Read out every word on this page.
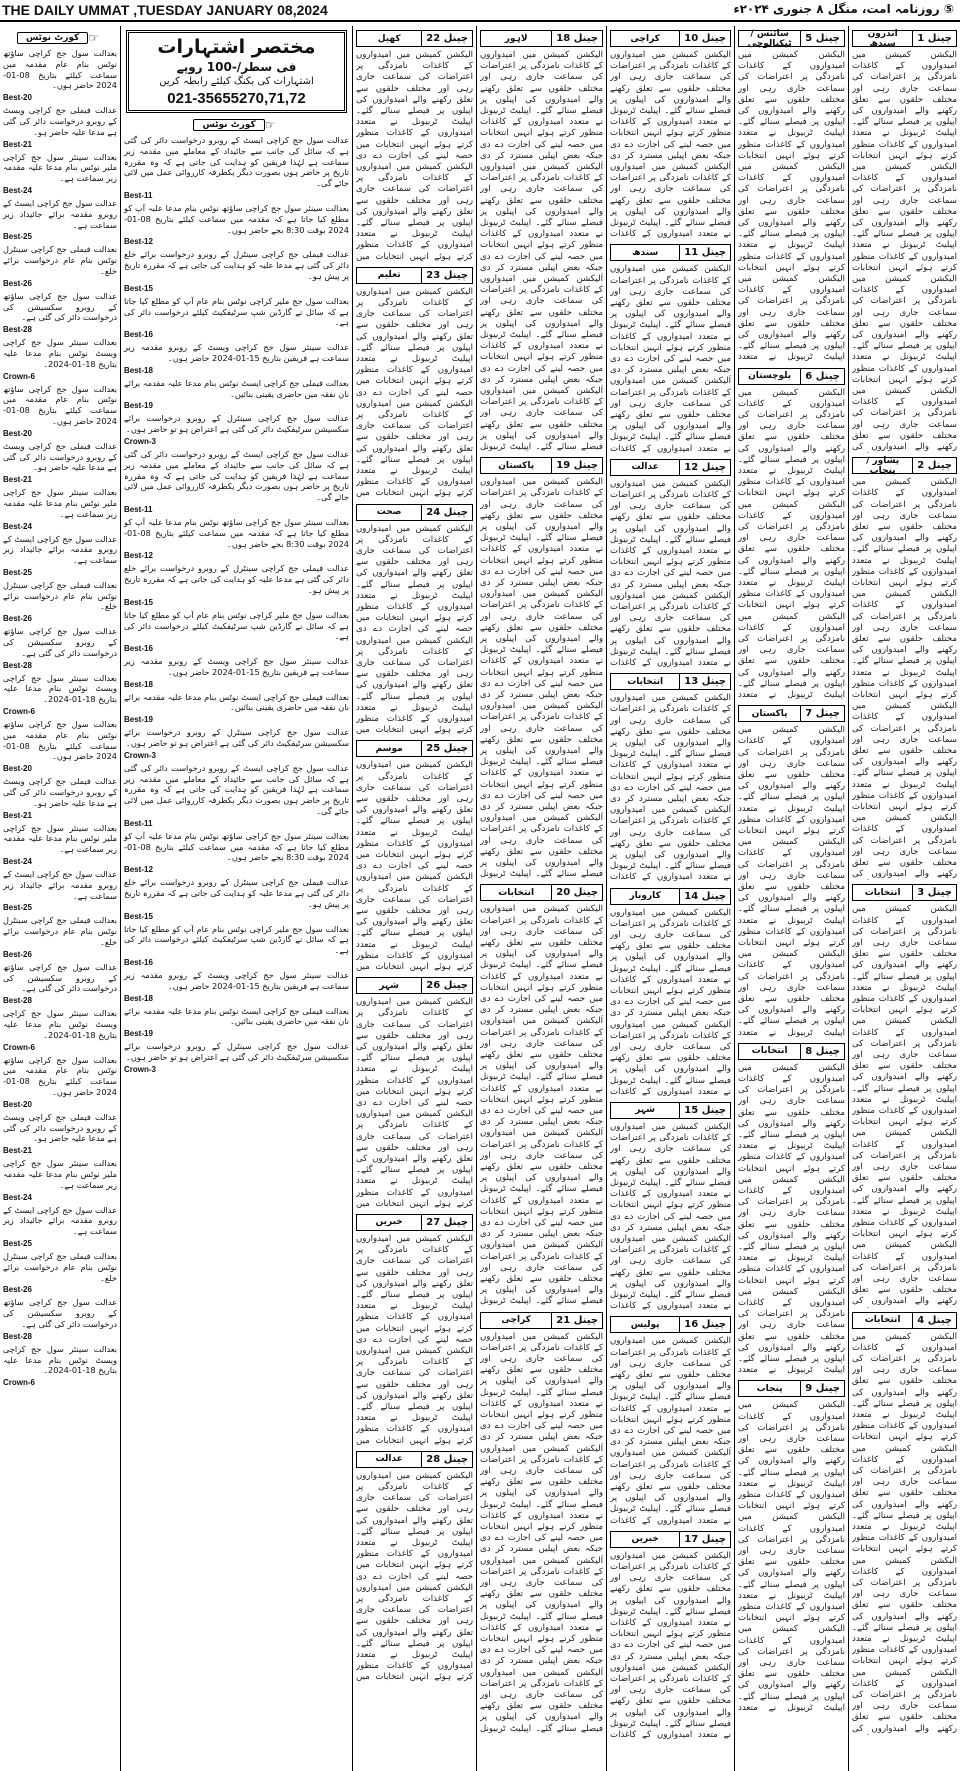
THE DAILY UMMAT ,TUESDAY JANUARY 08,2024	⑤ روزنامہ امت، منگل ۸ جنوری ۲۰۲۴ء
☞
کورٹ نوٹس
بعدالت سول جج کراچی ساؤتھ نوٹس بنام عام مقدمہ میں سماعت کیلئے بتاریخ 08-01-2024 حاضر ہوں۔
Best-20
عدالت فیملی جج کراچی ویسٹ کے روبرو درخواست دائر کی گئی ہے مدعا علیہ حاضر ہو۔
Best-21
بعدالت سینئر سول جج کراچی ملیر نوٹس بنام مدعا علیہ مقدمہ زیر سماعت ہے۔
Best-24
عدالت سول جج کراچی ایسٹ کے روبرو مقدمہ برائے جائیداد زیر سماعت ہے۔
Best-25
بعدالت فیملی جج کراچی سینٹرل نوٹس بنام عام درخواست برائے خلع۔
Best-26
عدالت سول جج کراچی ساؤتھ کے روبرو سکسیشن کی درخواست دائر کی گئی ہے۔
Best-28
بعدالت سینئر سول جج کراچی ویسٹ نوٹس بنام مدعا علیہ بتاریخ 18-01-2024۔
Crown-6
بعدالت سول جج کراچی ساؤتھ نوٹس بنام عام مقدمہ میں سماعت کیلئے بتاریخ 08-01-2024 حاضر ہوں۔
Best-20
عدالت فیملی جج کراچی ویسٹ کے روبرو درخواست دائر کی گئی ہے مدعا علیہ حاضر ہو۔
Best-21
بعدالت سینئر سول جج کراچی ملیر نوٹس بنام مدعا علیہ مقدمہ زیر سماعت ہے۔
Best-24
عدالت سول جج کراچی ایسٹ کے روبرو مقدمہ برائے جائیداد زیر سماعت ہے۔
Best-25
بعدالت فیملی جج کراچی سینٹرل نوٹس بنام عام درخواست برائے خلع۔
Best-26
عدالت سول جج کراچی ساؤتھ کے روبرو سکسیشن کی درخواست دائر کی گئی ہے۔
Best-28
بعدالت سینئر سول جج کراچی ویسٹ نوٹس بنام مدعا علیہ بتاریخ 18-01-2024۔
Crown-6
بعدالت سول جج کراچی ساؤتھ نوٹس بنام عام مقدمہ میں سماعت کیلئے بتاریخ 08-01-2024 حاضر ہوں۔
Best-20
عدالت فیملی جج کراچی ویسٹ کے روبرو درخواست دائر کی گئی ہے مدعا علیہ حاضر ہو۔
Best-21
بعدالت سینئر سول جج کراچی ملیر نوٹس بنام مدعا علیہ مقدمہ زیر سماعت ہے۔
Best-24
عدالت سول جج کراچی ایسٹ کے روبرو مقدمہ برائے جائیداد زیر سماعت ہے۔
Best-25
بعدالت فیملی جج کراچی سینٹرل نوٹس بنام عام درخواست برائے خلع۔
Best-26
عدالت سول جج کراچی ساؤتھ کے روبرو سکسیشن کی درخواست دائر کی گئی ہے۔
Best-28
بعدالت سینئر سول جج کراچی ویسٹ نوٹس بنام مدعا علیہ بتاریخ 18-01-2024۔
Crown-6
بعدالت سول جج کراچی ساؤتھ نوٹس بنام عام مقدمہ میں سماعت کیلئے بتاریخ 08-01-2024 حاضر ہوں۔
Best-20
عدالت فیملی جج کراچی ویسٹ کے روبرو درخواست دائر کی گئی ہے مدعا علیہ حاضر ہو۔
Best-21
بعدالت سینئر سول جج کراچی ملیر نوٹس بنام مدعا علیہ مقدمہ زیر سماعت ہے۔
Best-24
عدالت سول جج کراچی ایسٹ کے روبرو مقدمہ برائے جائیداد زیر سماعت ہے۔
Best-25
بعدالت فیملی جج کراچی سینٹرل نوٹس بنام عام درخواست برائے خلع۔
Best-26
عدالت سول جج کراچی ساؤتھ کے روبرو سکسیشن کی درخواست دائر کی گئی ہے۔
Best-28
بعدالت سینئر سول جج کراچی ویسٹ نوٹس بنام مدعا علیہ بتاریخ 18-01-2024۔
Crown-6
مختصر اشتہارات
فی سطر/-100 روپے
اشتہارات کی بکنگ کیلئے رابطہ کریں
021-35655270,71,72
☞
کورٹ نوٹس
عدالت سول جج کراچی ایسٹ کے روبرو درخواست دائر کی گئی ہے کہ سائل کی جانب سے جائیداد کے معاملے میں مقدمہ زیر سماعت ہے لہٰذا فریقین کو ہدایت کی جاتی ہے کہ وہ مقررہ تاریخ پر حاضر ہوں بصورت دیگر یکطرفہ کارروائی عمل میں لائی جائے گی۔
Best-11
بعدالت سینئر سول جج کراچی ساؤتھ نوٹس بنام مدعا علیہ آپ کو مطلع کیا جاتا ہے کہ مقدمہ میں سماعت کیلئے بتاریخ 08-01-2024 بوقت 8:30 بجے حاضر ہوں۔
Best-12
عدالت فیملی جج کراچی سینٹرل کے روبرو درخواست برائے خلع دائر کی گئی ہے مدعا علیہ کو ہدایت کی جاتی ہے کہ مقررہ تاریخ پر پیش ہو۔
Best-15
بعدالت سول جج ملیر کراچی نوٹس بنام عام آپ کو مطلع کیا جاتا ہے کہ سائل نے گارڈین شپ سرٹیفکیٹ کیلئے درخواست دائر کی ہے۔
Best-16
عدالت سینئر سول جج کراچی ویسٹ کے روبرو مقدمہ زیر سماعت ہے فریقین بتاریخ 15-01-2024 حاضر ہوں۔
Best-18
بعدالت فیملی جج کراچی ایسٹ نوٹس بنام مدعا علیہ مقدمہ برائے نان نفقہ میں حاضری یقینی بنائیں۔
Best-19
عدالت سول جج کراچی سینٹرل کے روبرو درخواست برائے سکسیشن سرٹیفکیٹ دائر کی گئی ہے اعتراض ہو تو حاضر ہوں۔
Crown-3
عدالت سول جج کراچی ایسٹ کے روبرو درخواست دائر کی گئی ہے کہ سائل کی جانب سے جائیداد کے معاملے میں مقدمہ زیر سماعت ہے لہٰذا فریقین کو ہدایت کی جاتی ہے کہ وہ مقررہ تاریخ پر حاضر ہوں بصورت دیگر یکطرفہ کارروائی عمل میں لائی جائے گی۔
Best-11
بعدالت سینئر سول جج کراچی ساؤتھ نوٹس بنام مدعا علیہ آپ کو مطلع کیا جاتا ہے کہ مقدمہ میں سماعت کیلئے بتاریخ 08-01-2024 بوقت 8:30 بجے حاضر ہوں۔
Best-12
عدالت فیملی جج کراچی سینٹرل کے روبرو درخواست برائے خلع دائر کی گئی ہے مدعا علیہ کو ہدایت کی جاتی ہے کہ مقررہ تاریخ پر پیش ہو۔
Best-15
بعدالت سول جج ملیر کراچی نوٹس بنام عام آپ کو مطلع کیا جاتا ہے کہ سائل نے گارڈین شپ سرٹیفکیٹ کیلئے درخواست دائر کی ہے۔
Best-16
عدالت سینئر سول جج کراچی ویسٹ کے روبرو مقدمہ زیر سماعت ہے فریقین بتاریخ 15-01-2024 حاضر ہوں۔
Best-18
بعدالت فیملی جج کراچی ایسٹ نوٹس بنام مدعا علیہ مقدمہ برائے نان نفقہ میں حاضری یقینی بنائیں۔
Best-19
عدالت سول جج کراچی سینٹرل کے روبرو درخواست برائے سکسیشن سرٹیفکیٹ دائر کی گئی ہے اعتراض ہو تو حاضر ہوں۔
Crown-3
عدالت سول جج کراچی ایسٹ کے روبرو درخواست دائر کی گئی ہے کہ سائل کی جانب سے جائیداد کے معاملے میں مقدمہ زیر سماعت ہے لہٰذا فریقین کو ہدایت کی جاتی ہے کہ وہ مقررہ تاریخ پر حاضر ہوں بصورت دیگر یکطرفہ کارروائی عمل میں لائی جائے گی۔
Best-11
بعدالت سینئر سول جج کراچی ساؤتھ نوٹس بنام مدعا علیہ آپ کو مطلع کیا جاتا ہے کہ مقدمہ میں سماعت کیلئے بتاریخ 08-01-2024 بوقت 8:30 بجے حاضر ہوں۔
Best-12
عدالت فیملی جج کراچی سینٹرل کے روبرو درخواست برائے خلع دائر کی گئی ہے مدعا علیہ کو ہدایت کی جاتی ہے کہ مقررہ تاریخ پر پیش ہو۔
Best-15
بعدالت سول جج ملیر کراچی نوٹس بنام عام آپ کو مطلع کیا جاتا ہے کہ سائل نے گارڈین شپ سرٹیفکیٹ کیلئے درخواست دائر کی ہے۔
Best-16
عدالت سینئر سول جج کراچی ویسٹ کے روبرو مقدمہ زیر سماعت ہے فریقین بتاریخ 15-01-2024 حاضر ہوں۔
Best-18
بعدالت فیملی جج کراچی ایسٹ نوٹس بنام مدعا علیہ مقدمہ برائے نان نفقہ میں حاضری یقینی بنائیں۔
Best-19
عدالت سول جج کراچی سینٹرل کے روبرو درخواست برائے سکسیشن سرٹیفکیٹ دائر کی گئی ہے اعتراض ہو تو حاضر ہوں۔
Crown-3
چینل 22
کھیل
الیکشن کمیشن میں امیدواروں کے کاغذات نامزدگی پر اعتراضات کی سماعت جاری رہی اور مختلف حلقوں سے تعلق رکھنے والے امیدواروں کی اپیلوں پر فیصلے سنائے گئے۔ اپیلیٹ ٹربیونل نے متعدد امیدواروں کے کاغذات منظور کرتے ہوئے انہیں انتخابات میں حصہ لینے کی اجازت دے دی
الیکشن کمیشن میں امیدواروں کے کاغذات نامزدگی پر اعتراضات کی سماعت جاری رہی اور مختلف حلقوں سے تعلق رکھنے والے امیدواروں کی اپیلوں پر فیصلے سنائے گئے۔ اپیلیٹ ٹربیونل نے متعدد امیدواروں کے کاغذات منظور کرتے ہوئے انہیں انتخابات میں
چینل 23
تعلیم
الیکشن کمیشن میں امیدواروں کے کاغذات نامزدگی پر اعتراضات کی سماعت جاری رہی اور مختلف حلقوں سے تعلق رکھنے والے امیدواروں کی اپیلوں پر فیصلے سنائے گئے۔ اپیلیٹ ٹربیونل نے متعدد امیدواروں کے کاغذات منظور کرتے ہوئے انہیں انتخابات میں حصہ لینے کی اجازت دے دی
الیکشن کمیشن میں امیدواروں کے کاغذات نامزدگی پر اعتراضات کی سماعت جاری رہی اور مختلف حلقوں سے تعلق رکھنے والے امیدواروں کی اپیلوں پر فیصلے سنائے گئے۔ اپیلیٹ ٹربیونل نے متعدد امیدواروں کے کاغذات منظور کرتے ہوئے انہیں انتخابات میں
چینل 24
صحت
الیکشن کمیشن میں امیدواروں کے کاغذات نامزدگی پر اعتراضات کی سماعت جاری رہی اور مختلف حلقوں سے تعلق رکھنے والے امیدواروں کی اپیلوں پر فیصلے سنائے گئے۔ اپیلیٹ ٹربیونل نے متعدد امیدواروں کے کاغذات منظور کرتے ہوئے انہیں انتخابات میں حصہ لینے کی اجازت دے دی
الیکشن کمیشن میں امیدواروں کے کاغذات نامزدگی پر اعتراضات کی سماعت جاری رہی اور مختلف حلقوں سے تعلق رکھنے والے امیدواروں کی اپیلوں پر فیصلے سنائے گئے۔ اپیلیٹ ٹربیونل نے متعدد امیدواروں کے کاغذات منظور کرتے ہوئے انہیں انتخابات میں
چینل 25
موسم
الیکشن کمیشن میں امیدواروں کے کاغذات نامزدگی پر اعتراضات کی سماعت جاری رہی اور مختلف حلقوں سے تعلق رکھنے والے امیدواروں کی اپیلوں پر فیصلے سنائے گئے۔ اپیلیٹ ٹربیونل نے متعدد امیدواروں کے کاغذات منظور کرتے ہوئے انہیں انتخابات میں حصہ لینے کی اجازت دے دی
الیکشن کمیشن میں امیدواروں کے کاغذات نامزدگی پر اعتراضات کی سماعت جاری رہی اور مختلف حلقوں سے تعلق رکھنے والے امیدواروں کی اپیلوں پر فیصلے سنائے گئے۔ اپیلیٹ ٹربیونل نے متعدد امیدواروں کے کاغذات منظور کرتے ہوئے انہیں انتخابات میں
چینل 26
شہر
الیکشن کمیشن میں امیدواروں کے کاغذات نامزدگی پر اعتراضات کی سماعت جاری رہی اور مختلف حلقوں سے تعلق رکھنے والے امیدواروں کی اپیلوں پر فیصلے سنائے گئے۔ اپیلیٹ ٹربیونل نے متعدد امیدواروں کے کاغذات منظور کرتے ہوئے انہیں انتخابات میں حصہ لینے کی اجازت دے دی
الیکشن کمیشن میں امیدواروں کے کاغذات نامزدگی پر اعتراضات کی سماعت جاری رہی اور مختلف حلقوں سے تعلق رکھنے والے امیدواروں کی اپیلوں پر فیصلے سنائے گئے۔ اپیلیٹ ٹربیونل نے متعدد امیدواروں کے کاغذات منظور کرتے ہوئے انہیں انتخابات میں
چینل 27
خبریں
الیکشن کمیشن میں امیدواروں کے کاغذات نامزدگی پر اعتراضات کی سماعت جاری رہی اور مختلف حلقوں سے تعلق رکھنے والے امیدواروں کی اپیلوں پر فیصلے سنائے گئے۔ اپیلیٹ ٹربیونل نے متعدد امیدواروں کے کاغذات منظور کرتے ہوئے انہیں انتخابات میں حصہ لینے کی اجازت دے دی
الیکشن کمیشن میں امیدواروں کے کاغذات نامزدگی پر اعتراضات کی سماعت جاری رہی اور مختلف حلقوں سے تعلق رکھنے والے امیدواروں کی اپیلوں پر فیصلے سنائے گئے۔ اپیلیٹ ٹربیونل نے متعدد امیدواروں کے کاغذات منظور کرتے ہوئے انہیں انتخابات میں
چینل 28
عدالت
الیکشن کمیشن میں امیدواروں کے کاغذات نامزدگی پر اعتراضات کی سماعت جاری رہی اور مختلف حلقوں سے تعلق رکھنے والے امیدواروں کی اپیلوں پر فیصلے سنائے گئے۔ اپیلیٹ ٹربیونل نے متعدد امیدواروں کے کاغذات منظور کرتے ہوئے انہیں انتخابات میں حصہ لینے کی اجازت دے دی
الیکشن کمیشن میں امیدواروں کے کاغذات نامزدگی پر اعتراضات کی سماعت جاری رہی اور مختلف حلقوں سے تعلق رکھنے والے امیدواروں کی اپیلوں پر فیصلے سنائے گئے۔ اپیلیٹ ٹربیونل نے متعدد امیدواروں کے کاغذات منظور کرتے ہوئے انہیں انتخابات میں
چینل 18
لاہور
الیکشن کمیشن میں امیدواروں کے کاغذات نامزدگی پر اعتراضات کی سماعت جاری رہی اور مختلف حلقوں سے تعلق رکھنے والے امیدواروں کی اپیلوں پر فیصلے سنائے گئے۔ اپیلیٹ ٹربیونل نے متعدد امیدواروں کے کاغذات منظور کرتے ہوئے انہیں انتخابات میں حصہ لینے کی اجازت دے دی جبکہ بعض اپیلیں مسترد کر دی
الیکشن کمیشن میں امیدواروں کے کاغذات نامزدگی پر اعتراضات کی سماعت جاری رہی اور مختلف حلقوں سے تعلق رکھنے والے امیدواروں کی اپیلوں پر فیصلے سنائے گئے۔ اپیلیٹ ٹربیونل نے متعدد امیدواروں کے کاغذات منظور کرتے ہوئے انہیں انتخابات میں حصہ لینے کی اجازت دے دی جبکہ بعض اپیلیں مسترد کر دی
الیکشن کمیشن میں امیدواروں کے کاغذات نامزدگی پر اعتراضات کی سماعت جاری رہی اور مختلف حلقوں سے تعلق رکھنے والے امیدواروں کی اپیلوں پر فیصلے سنائے گئے۔ اپیلیٹ ٹربیونل نے متعدد امیدواروں کے کاغذات منظور کرتے ہوئے انہیں انتخابات میں حصہ لینے کی اجازت دے دی جبکہ بعض اپیلیں مسترد کر دی
الیکشن کمیشن میں امیدواروں کے کاغذات نامزدگی پر اعتراضات کی سماعت جاری رہی اور مختلف حلقوں سے تعلق رکھنے والے امیدواروں کی اپیلوں پر فیصلے سنائے گئے۔ اپیلیٹ ٹربیونل
چینل 19
پاکستان
الیکشن کمیشن میں امیدواروں کے کاغذات نامزدگی پر اعتراضات کی سماعت جاری رہی اور مختلف حلقوں سے تعلق رکھنے والے امیدواروں کی اپیلوں پر فیصلے سنائے گئے۔ اپیلیٹ ٹربیونل نے متعدد امیدواروں کے کاغذات منظور کرتے ہوئے انہیں انتخابات میں حصہ لینے کی اجازت دے دی جبکہ بعض اپیلیں مسترد کر دی
الیکشن کمیشن میں امیدواروں کے کاغذات نامزدگی پر اعتراضات کی سماعت جاری رہی اور مختلف حلقوں سے تعلق رکھنے والے امیدواروں کی اپیلوں پر فیصلے سنائے گئے۔ اپیلیٹ ٹربیونل نے متعدد امیدواروں کے کاغذات منظور کرتے ہوئے انہیں انتخابات میں حصہ لینے کی اجازت دے دی جبکہ بعض اپیلیں مسترد کر دی
الیکشن کمیشن میں امیدواروں کے کاغذات نامزدگی پر اعتراضات کی سماعت جاری رہی اور مختلف حلقوں سے تعلق رکھنے والے امیدواروں کی اپیلوں پر فیصلے سنائے گئے۔ اپیلیٹ ٹربیونل نے متعدد امیدواروں کے کاغذات منظور کرتے ہوئے انہیں انتخابات میں حصہ لینے کی اجازت دے دی جبکہ بعض اپیلیں مسترد کر دی
الیکشن کمیشن میں امیدواروں کے کاغذات نامزدگی پر اعتراضات کی سماعت جاری رہی اور مختلف حلقوں سے تعلق رکھنے والے امیدواروں کی اپیلوں پر فیصلے سنائے گئے۔ اپیلیٹ ٹربیونل
چینل 20
انتخابات
الیکشن کمیشن میں امیدواروں کے کاغذات نامزدگی پر اعتراضات کی سماعت جاری رہی اور مختلف حلقوں سے تعلق رکھنے والے امیدواروں کی اپیلوں پر فیصلے سنائے گئے۔ اپیلیٹ ٹربیونل نے متعدد امیدواروں کے کاغذات منظور کرتے ہوئے انہیں انتخابات میں حصہ لینے کی اجازت دے دی جبکہ بعض اپیلیں مسترد کر دی
الیکشن کمیشن میں امیدواروں کے کاغذات نامزدگی پر اعتراضات کی سماعت جاری رہی اور مختلف حلقوں سے تعلق رکھنے والے امیدواروں کی اپیلوں پر فیصلے سنائے گئے۔ اپیلیٹ ٹربیونل نے متعدد امیدواروں کے کاغذات منظور کرتے ہوئے انہیں انتخابات میں حصہ لینے کی اجازت دے دی جبکہ بعض اپیلیں مسترد کر دی
الیکشن کمیشن میں امیدواروں کے کاغذات نامزدگی پر اعتراضات کی سماعت جاری رہی اور مختلف حلقوں سے تعلق رکھنے والے امیدواروں کی اپیلوں پر فیصلے سنائے گئے۔ اپیلیٹ ٹربیونل نے متعدد امیدواروں کے کاغذات منظور کرتے ہوئے انہیں انتخابات میں حصہ لینے کی اجازت دے دی جبکہ بعض اپیلیں مسترد کر دی
الیکشن کمیشن میں امیدواروں کے کاغذات نامزدگی پر اعتراضات کی سماعت جاری رہی اور مختلف حلقوں سے تعلق رکھنے والے امیدواروں کی اپیلوں پر فیصلے سنائے گئے۔ اپیلیٹ ٹربیونل
چینل 21
کراچی
الیکشن کمیشن میں امیدواروں کے کاغذات نامزدگی پر اعتراضات کی سماعت جاری رہی اور مختلف حلقوں سے تعلق رکھنے والے امیدواروں کی اپیلوں پر فیصلے سنائے گئے۔ اپیلیٹ ٹربیونل نے متعدد امیدواروں کے کاغذات منظور کرتے ہوئے انہیں انتخابات میں حصہ لینے کی اجازت دے دی جبکہ بعض اپیلیں مسترد کر دی
الیکشن کمیشن میں امیدواروں کے کاغذات نامزدگی پر اعتراضات کی سماعت جاری رہی اور مختلف حلقوں سے تعلق رکھنے والے امیدواروں کی اپیلوں پر فیصلے سنائے گئے۔ اپیلیٹ ٹربیونل نے متعدد امیدواروں کے کاغذات منظور کرتے ہوئے انہیں انتخابات میں حصہ لینے کی اجازت دے دی جبکہ بعض اپیلیں مسترد کر دی
الیکشن کمیشن میں امیدواروں کے کاغذات نامزدگی پر اعتراضات کی سماعت جاری رہی اور مختلف حلقوں سے تعلق رکھنے والے امیدواروں کی اپیلوں پر فیصلے سنائے گئے۔ اپیلیٹ ٹربیونل نے متعدد امیدواروں کے کاغذات منظور کرتے ہوئے انہیں انتخابات میں حصہ لینے کی اجازت دے دی جبکہ بعض اپیلیں مسترد کر دی
الیکشن کمیشن میں امیدواروں کے کاغذات نامزدگی پر اعتراضات کی سماعت جاری رہی اور مختلف حلقوں سے تعلق رکھنے والے امیدواروں کی اپیلوں پر فیصلے سنائے گئے۔ اپیلیٹ ٹربیونل
چینل 10
کراچی
الیکشن کمیشن میں امیدواروں کے کاغذات نامزدگی پر اعتراضات کی سماعت جاری رہی اور مختلف حلقوں سے تعلق رکھنے والے امیدواروں کی اپیلوں پر فیصلے سنائے گئے۔ اپیلیٹ ٹربیونل نے متعدد امیدواروں کے کاغذات منظور کرتے ہوئے انہیں انتخابات میں حصہ لینے کی اجازت دے دی جبکہ بعض اپیلیں مسترد کر دی
الیکشن کمیشن میں امیدواروں کے کاغذات نامزدگی پر اعتراضات کی سماعت جاری رہی اور مختلف حلقوں سے تعلق رکھنے والے امیدواروں کی اپیلوں پر فیصلے سنائے گئے۔ اپیلیٹ ٹربیونل نے متعدد امیدواروں کے کاغذات
چینل 11
سندھ
الیکشن کمیشن میں امیدواروں کے کاغذات نامزدگی پر اعتراضات کی سماعت جاری رہی اور مختلف حلقوں سے تعلق رکھنے والے امیدواروں کی اپیلوں پر فیصلے سنائے گئے۔ اپیلیٹ ٹربیونل نے متعدد امیدواروں کے کاغذات منظور کرتے ہوئے انہیں انتخابات میں حصہ لینے کی اجازت دے دی جبکہ بعض اپیلیں مسترد کر دی
الیکشن کمیشن میں امیدواروں کے کاغذات نامزدگی پر اعتراضات کی سماعت جاری رہی اور مختلف حلقوں سے تعلق رکھنے والے امیدواروں کی اپیلوں پر فیصلے سنائے گئے۔ اپیلیٹ ٹربیونل نے متعدد امیدواروں کے کاغذات
چینل 12
عدالت
الیکشن کمیشن میں امیدواروں کے کاغذات نامزدگی پر اعتراضات کی سماعت جاری رہی اور مختلف حلقوں سے تعلق رکھنے والے امیدواروں کی اپیلوں پر فیصلے سنائے گئے۔ اپیلیٹ ٹربیونل نے متعدد امیدواروں کے کاغذات منظور کرتے ہوئے انہیں انتخابات میں حصہ لینے کی اجازت دے دی جبکہ بعض اپیلیں مسترد کر دی
الیکشن کمیشن میں امیدواروں کے کاغذات نامزدگی پر اعتراضات کی سماعت جاری رہی اور مختلف حلقوں سے تعلق رکھنے والے امیدواروں کی اپیلوں پر فیصلے سنائے گئے۔ اپیلیٹ ٹربیونل نے متعدد امیدواروں کے کاغذات
چینل 13
انتخابات
الیکشن کمیشن میں امیدواروں کے کاغذات نامزدگی پر اعتراضات کی سماعت جاری رہی اور مختلف حلقوں سے تعلق رکھنے والے امیدواروں کی اپیلوں پر فیصلے سنائے گئے۔ اپیلیٹ ٹربیونل نے متعدد امیدواروں کے کاغذات منظور کرتے ہوئے انہیں انتخابات میں حصہ لینے کی اجازت دے دی جبکہ بعض اپیلیں مسترد کر دی
الیکشن کمیشن میں امیدواروں کے کاغذات نامزدگی پر اعتراضات کی سماعت جاری رہی اور مختلف حلقوں سے تعلق رکھنے والے امیدواروں کی اپیلوں پر فیصلے سنائے گئے۔ اپیلیٹ ٹربیونل نے متعدد امیدواروں کے کاغذات
چینل 14
کاروبار
الیکشن کمیشن میں امیدواروں کے کاغذات نامزدگی پر اعتراضات کی سماعت جاری رہی اور مختلف حلقوں سے تعلق رکھنے والے امیدواروں کی اپیلوں پر فیصلے سنائے گئے۔ اپیلیٹ ٹربیونل نے متعدد امیدواروں کے کاغذات منظور کرتے ہوئے انہیں انتخابات میں حصہ لینے کی اجازت دے دی جبکہ بعض اپیلیں مسترد کر دی
الیکشن کمیشن میں امیدواروں کے کاغذات نامزدگی پر اعتراضات کی سماعت جاری رہی اور مختلف حلقوں سے تعلق رکھنے والے امیدواروں کی اپیلوں پر فیصلے سنائے گئے۔ اپیلیٹ ٹربیونل نے متعدد امیدواروں کے کاغذات
چینل 15
شہر
الیکشن کمیشن میں امیدواروں کے کاغذات نامزدگی پر اعتراضات کی سماعت جاری رہی اور مختلف حلقوں سے تعلق رکھنے والے امیدواروں کی اپیلوں پر فیصلے سنائے گئے۔ اپیلیٹ ٹربیونل نے متعدد امیدواروں کے کاغذات منظور کرتے ہوئے انہیں انتخابات میں حصہ لینے کی اجازت دے دی جبکہ بعض اپیلیں مسترد کر دی
الیکشن کمیشن میں امیدواروں کے کاغذات نامزدگی پر اعتراضات کی سماعت جاری رہی اور مختلف حلقوں سے تعلق رکھنے والے امیدواروں کی اپیلوں پر فیصلے سنائے گئے۔ اپیلیٹ ٹربیونل نے متعدد امیدواروں کے کاغذات
چینل 16
پولیس
الیکشن کمیشن میں امیدواروں کے کاغذات نامزدگی پر اعتراضات کی سماعت جاری رہی اور مختلف حلقوں سے تعلق رکھنے والے امیدواروں کی اپیلوں پر فیصلے سنائے گئے۔ اپیلیٹ ٹربیونل نے متعدد امیدواروں کے کاغذات منظور کرتے ہوئے انہیں انتخابات میں حصہ لینے کی اجازت دے دی جبکہ بعض اپیلیں مسترد کر دی
الیکشن کمیشن میں امیدواروں کے کاغذات نامزدگی پر اعتراضات کی سماعت جاری رہی اور مختلف حلقوں سے تعلق رکھنے والے امیدواروں کی اپیلوں پر فیصلے سنائے گئے۔ اپیلیٹ ٹربیونل نے متعدد امیدواروں کے کاغذات
چینل 17
خبریں
الیکشن کمیشن میں امیدواروں کے کاغذات نامزدگی پر اعتراضات کی سماعت جاری رہی اور مختلف حلقوں سے تعلق رکھنے والے امیدواروں کی اپیلوں پر فیصلے سنائے گئے۔ اپیلیٹ ٹربیونل نے متعدد امیدواروں کے کاغذات منظور کرتے ہوئے انہیں انتخابات میں حصہ لینے کی اجازت دے دی جبکہ بعض اپیلیں مسترد کر دی
الیکشن کمیشن میں امیدواروں کے کاغذات نامزدگی پر اعتراضات کی سماعت جاری رہی اور مختلف حلقوں سے تعلق رکھنے والے امیدواروں کی اپیلوں پر فیصلے سنائے گئے۔ اپیلیٹ ٹربیونل نے متعدد امیدواروں کے کاغذات
چینل 5
سائنس / ٹیکنالوجی
الیکشن کمیشن میں امیدواروں کے کاغذات نامزدگی پر اعتراضات کی سماعت جاری رہی اور مختلف حلقوں سے تعلق رکھنے والے امیدواروں کی اپیلوں پر فیصلے سنائے گئے۔ اپیلیٹ ٹربیونل نے متعدد امیدواروں کے کاغذات منظور کرتے ہوئے انہیں انتخابات
الیکشن کمیشن میں امیدواروں کے کاغذات نامزدگی پر اعتراضات کی سماعت جاری رہی اور مختلف حلقوں سے تعلق رکھنے والے امیدواروں کی اپیلوں پر فیصلے سنائے گئے۔ اپیلیٹ ٹربیونل نے متعدد امیدواروں کے کاغذات منظور کرتے ہوئے انہیں انتخابات
الیکشن کمیشن میں امیدواروں کے کاغذات نامزدگی پر اعتراضات کی سماعت جاری رہی اور مختلف حلقوں سے تعلق رکھنے والے امیدواروں کی اپیلوں پر فیصلے سنائے گئے۔ اپیلیٹ ٹربیونل نے متعدد
چینل 6
بلوچستان
الیکشن کمیشن میں امیدواروں کے کاغذات نامزدگی پر اعتراضات کی سماعت جاری رہی اور مختلف حلقوں سے تعلق رکھنے والے امیدواروں کی اپیلوں پر فیصلے سنائے گئے۔ اپیلیٹ ٹربیونل نے متعدد امیدواروں کے کاغذات منظور کرتے ہوئے انہیں انتخابات
الیکشن کمیشن میں امیدواروں کے کاغذات نامزدگی پر اعتراضات کی سماعت جاری رہی اور مختلف حلقوں سے تعلق رکھنے والے امیدواروں کی اپیلوں پر فیصلے سنائے گئے۔ اپیلیٹ ٹربیونل نے متعدد امیدواروں کے کاغذات منظور کرتے ہوئے انہیں انتخابات
الیکشن کمیشن میں امیدواروں کے کاغذات نامزدگی پر اعتراضات کی سماعت جاری رہی اور مختلف حلقوں سے تعلق رکھنے والے امیدواروں کی اپیلوں پر فیصلے سنائے گئے۔ اپیلیٹ ٹربیونل نے متعدد
چینل 7
پاکستان
الیکشن کمیشن میں امیدواروں کے کاغذات نامزدگی پر اعتراضات کی سماعت جاری رہی اور مختلف حلقوں سے تعلق رکھنے والے امیدواروں کی اپیلوں پر فیصلے سنائے گئے۔ اپیلیٹ ٹربیونل نے متعدد امیدواروں کے کاغذات منظور کرتے ہوئے انہیں انتخابات
الیکشن کمیشن میں امیدواروں کے کاغذات نامزدگی پر اعتراضات کی سماعت جاری رہی اور مختلف حلقوں سے تعلق رکھنے والے امیدواروں کی اپیلوں پر فیصلے سنائے گئے۔ اپیلیٹ ٹربیونل نے متعدد امیدواروں کے کاغذات منظور کرتے ہوئے انہیں انتخابات
الیکشن کمیشن میں امیدواروں کے کاغذات نامزدگی پر اعتراضات کی سماعت جاری رہی اور مختلف حلقوں سے تعلق رکھنے والے امیدواروں کی اپیلوں پر فیصلے سنائے گئے۔ اپیلیٹ ٹربیونل نے متعدد
چینل 8
انتخابات
الیکشن کمیشن میں امیدواروں کے کاغذات نامزدگی پر اعتراضات کی سماعت جاری رہی اور مختلف حلقوں سے تعلق رکھنے والے امیدواروں کی اپیلوں پر فیصلے سنائے گئے۔ اپیلیٹ ٹربیونل نے متعدد امیدواروں کے کاغذات منظور کرتے ہوئے انہیں انتخابات
الیکشن کمیشن میں امیدواروں کے کاغذات نامزدگی پر اعتراضات کی سماعت جاری رہی اور مختلف حلقوں سے تعلق رکھنے والے امیدواروں کی اپیلوں پر فیصلے سنائے گئے۔ اپیلیٹ ٹربیونل نے متعدد امیدواروں کے کاغذات منظور کرتے ہوئے انہیں انتخابات
الیکشن کمیشن میں امیدواروں کے کاغذات نامزدگی پر اعتراضات کی سماعت جاری رہی اور مختلف حلقوں سے تعلق رکھنے والے امیدواروں کی اپیلوں پر فیصلے سنائے گئے۔ اپیلیٹ ٹربیونل نے متعدد
چینل 9
پنجاب
الیکشن کمیشن میں امیدواروں کے کاغذات نامزدگی پر اعتراضات کی سماعت جاری رہی اور مختلف حلقوں سے تعلق رکھنے والے امیدواروں کی اپیلوں پر فیصلے سنائے گئے۔ اپیلیٹ ٹربیونل نے متعدد امیدواروں کے کاغذات منظور کرتے ہوئے انہیں انتخابات
الیکشن کمیشن میں امیدواروں کے کاغذات نامزدگی پر اعتراضات کی سماعت جاری رہی اور مختلف حلقوں سے تعلق رکھنے والے امیدواروں کی اپیلوں پر فیصلے سنائے گئے۔ اپیلیٹ ٹربیونل نے متعدد امیدواروں کے کاغذات منظور کرتے ہوئے انہیں انتخابات
الیکشن کمیشن میں امیدواروں کے کاغذات نامزدگی پر اعتراضات کی سماعت جاری رہی اور مختلف حلقوں سے تعلق رکھنے والے امیدواروں کی اپیلوں پر فیصلے سنائے گئے۔ اپیلیٹ ٹربیونل نے متعدد
چینل 1
اندرون سندھ
الیکشن کمیشن میں امیدواروں کے کاغذات نامزدگی پر اعتراضات کی سماعت جاری رہی اور مختلف حلقوں سے تعلق رکھنے والے امیدواروں کی اپیلوں پر فیصلے سنائے گئے۔ اپیلیٹ ٹربیونل نے متعدد امیدواروں کے کاغذات منظور کرتے ہوئے انہیں انتخابات
الیکشن کمیشن میں امیدواروں کے کاغذات نامزدگی پر اعتراضات کی سماعت جاری رہی اور مختلف حلقوں سے تعلق رکھنے والے امیدواروں کی اپیلوں پر فیصلے سنائے گئے۔ اپیلیٹ ٹربیونل نے متعدد امیدواروں کے کاغذات منظور کرتے ہوئے انہیں انتخابات
الیکشن کمیشن میں امیدواروں کے کاغذات نامزدگی پر اعتراضات کی سماعت جاری رہی اور مختلف حلقوں سے تعلق رکھنے والے امیدواروں کی اپیلوں پر فیصلے سنائے گئے۔ اپیلیٹ ٹربیونل نے متعدد امیدواروں کے کاغذات منظور کرتے ہوئے انہیں انتخابات
الیکشن کمیشن میں امیدواروں کے کاغذات نامزدگی پر اعتراضات کی سماعت جاری رہی اور مختلف حلقوں سے تعلق رکھنے والے امیدواروں کی
چینل 2
پشاور / پنجاب
الیکشن کمیشن میں امیدواروں کے کاغذات نامزدگی پر اعتراضات کی سماعت جاری رہی اور مختلف حلقوں سے تعلق رکھنے والے امیدواروں کی اپیلوں پر فیصلے سنائے گئے۔ اپیلیٹ ٹربیونل نے متعدد امیدواروں کے کاغذات منظور کرتے ہوئے انہیں انتخابات
الیکشن کمیشن میں امیدواروں کے کاغذات نامزدگی پر اعتراضات کی سماعت جاری رہی اور مختلف حلقوں سے تعلق رکھنے والے امیدواروں کی اپیلوں پر فیصلے سنائے گئے۔ اپیلیٹ ٹربیونل نے متعدد امیدواروں کے کاغذات منظور کرتے ہوئے انہیں انتخابات
الیکشن کمیشن میں امیدواروں کے کاغذات نامزدگی پر اعتراضات کی سماعت جاری رہی اور مختلف حلقوں سے تعلق رکھنے والے امیدواروں کی اپیلوں پر فیصلے سنائے گئے۔ اپیلیٹ ٹربیونل نے متعدد امیدواروں کے کاغذات منظور کرتے ہوئے انہیں انتخابات
الیکشن کمیشن میں امیدواروں کے کاغذات نامزدگی پر اعتراضات کی سماعت جاری رہی اور مختلف حلقوں سے تعلق رکھنے والے امیدواروں کی
چینل 3
انتخابات
الیکشن کمیشن میں امیدواروں کے کاغذات نامزدگی پر اعتراضات کی سماعت جاری رہی اور مختلف حلقوں سے تعلق رکھنے والے امیدواروں کی اپیلوں پر فیصلے سنائے گئے۔ اپیلیٹ ٹربیونل نے متعدد امیدواروں کے کاغذات منظور کرتے ہوئے انہیں انتخابات
الیکشن کمیشن میں امیدواروں کے کاغذات نامزدگی پر اعتراضات کی سماعت جاری رہی اور مختلف حلقوں سے تعلق رکھنے والے امیدواروں کی اپیلوں پر فیصلے سنائے گئے۔ اپیلیٹ ٹربیونل نے متعدد امیدواروں کے کاغذات منظور کرتے ہوئے انہیں انتخابات
الیکشن کمیشن میں امیدواروں کے کاغذات نامزدگی پر اعتراضات کی سماعت جاری رہی اور مختلف حلقوں سے تعلق رکھنے والے امیدواروں کی اپیلوں پر فیصلے سنائے گئے۔ اپیلیٹ ٹربیونل نے متعدد امیدواروں کے کاغذات منظور کرتے ہوئے انہیں انتخابات
الیکشن کمیشن میں امیدواروں کے کاغذات نامزدگی پر اعتراضات کی سماعت جاری رہی اور مختلف حلقوں سے تعلق رکھنے والے امیدواروں کی
چینل 4
انتخابات
الیکشن کمیشن میں امیدواروں کے کاغذات نامزدگی پر اعتراضات کی سماعت جاری رہی اور مختلف حلقوں سے تعلق رکھنے والے امیدواروں کی اپیلوں پر فیصلے سنائے گئے۔ اپیلیٹ ٹربیونل نے متعدد امیدواروں کے کاغذات منظور کرتے ہوئے انہیں انتخابات
الیکشن کمیشن میں امیدواروں کے کاغذات نامزدگی پر اعتراضات کی سماعت جاری رہی اور مختلف حلقوں سے تعلق رکھنے والے امیدواروں کی اپیلوں پر فیصلے سنائے گئے۔ اپیلیٹ ٹربیونل نے متعدد امیدواروں کے کاغذات منظور کرتے ہوئے انہیں انتخابات
الیکشن کمیشن میں امیدواروں کے کاغذات نامزدگی پر اعتراضات کی سماعت جاری رہی اور مختلف حلقوں سے تعلق رکھنے والے امیدواروں کی اپیلوں پر فیصلے سنائے گئے۔ اپیلیٹ ٹربیونل نے متعدد امیدواروں کے کاغذات منظور کرتے ہوئے انہیں انتخابات
الیکشن کمیشن میں امیدواروں کے کاغذات نامزدگی پر اعتراضات کی سماعت جاری رہی اور مختلف حلقوں سے تعلق رکھنے والے امیدواروں کی
